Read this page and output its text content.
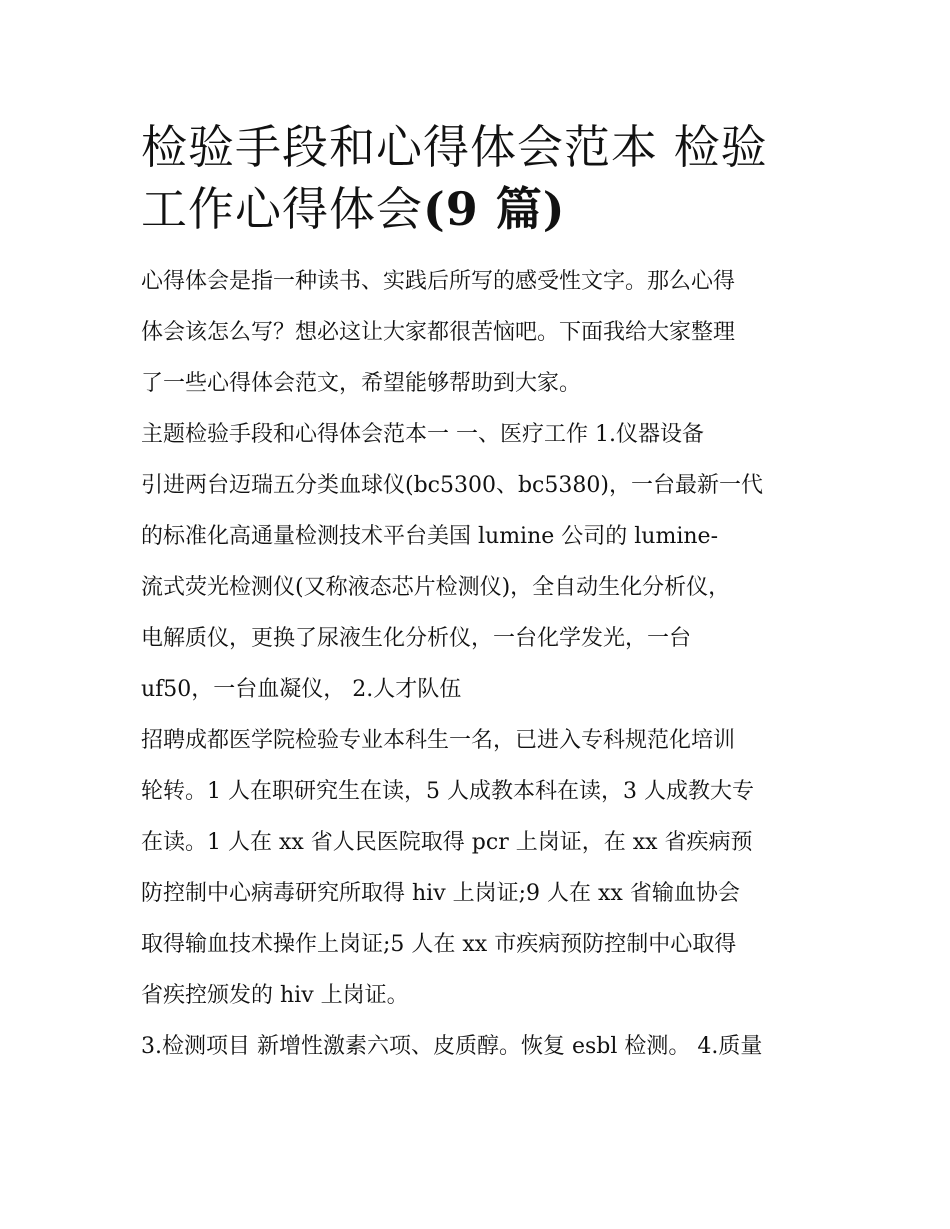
检验手段和心得体会范本 检验
工作心得体会(9 篇)
心得体会是指一种读书、实践后所写的感受性文字。那么心得
体会该怎么写？想必这让大家都很苦恼吧。下面我给大家整理
了一些心得体会范文，希望能够帮助到大家。
主题检验手段和心得体会范本一 一、医疗工作 1.仪器设备
引进两台迈瑞五分类血球仪(bc5300、bc5380)，一台最新一代
的标准化高通量检测技术平台美国 lumine 公司的 lumine-
流式荧光检测仪(又称液态芯片检测仪)，全自动生化分析仪，
电解质仪，更换了尿液生化分析仪，一台化学发光，一台
uf50，一台血凝仪， 2.人才队伍
招聘成都医学院检验专业本科生一名，已进入专科规范化培训
轮转。1 人在职研究生在读，5 人成教本科在读，3 人成教大专
在读。1 人在 xx 省人民医院取得 pcr 上岗证，在 xx 省疾病预
防控制中心病毒研究所取得 hiv 上岗证;9 人在 xx 省输血协会
取得输血技术操作上岗证;5 人在 xx 市疾病预防控制中心取得
省疾控颁发的 hiv 上岗证。
3.检测项目 新增性激素六项、皮质醇。恢复 esbl 检测。 4.质量
